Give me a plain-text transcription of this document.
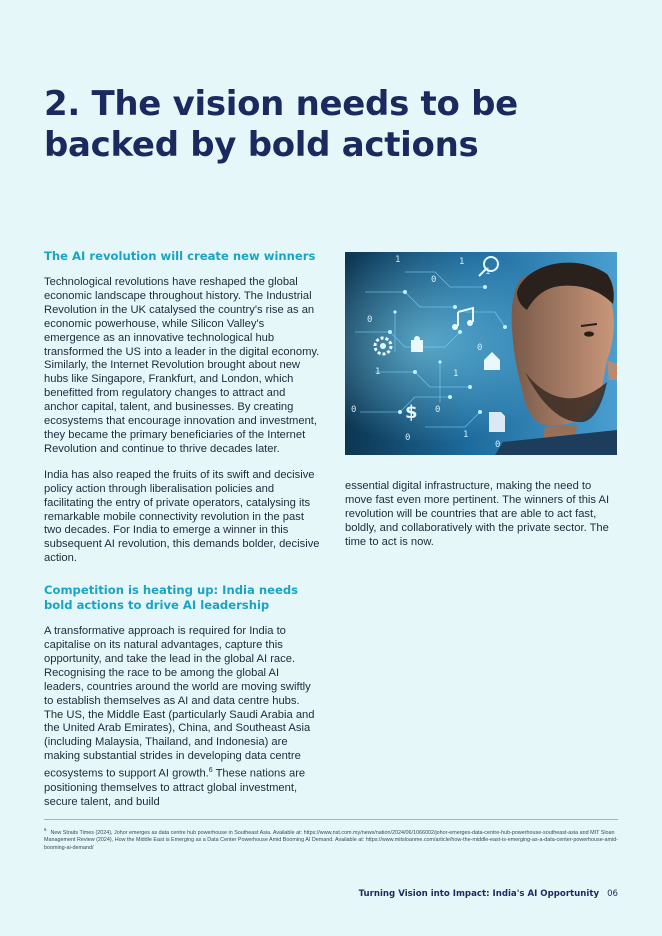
2. The vision needs to be backed by bold actions
The AI revolution will create new winners

Technological revolutions have reshaped the global economic landscape throughout history. The Industrial Revolution in the UK catalysed the country's rise as an economic powerhouse, while Silicon Valley's emergence as an innovative technological hub transformed the US into a leader in the digital economy. Similarly, the Internet Revolution brought about new hubs like Singapore, Frankfurt, and London, which benefitted from regulatory changes to attract and anchor capital, talent, and businesses. By creating ecosystems that encourage innovation and investment, they became the primary beneficiaries of the Internet Revolution and continue to thrive decades later.

India has also reaped the fruits of its swift and decisive policy action through liberalisation policies and facilitating the entry of private operators, catalysing its remarkable mobile connectivity revolution in the past two decades. For India to emerge a winner in this subsequent AI revolution, this demands bolder, decisive action.

Competition is heating up: India needs bold actions to drive AI leadership

A transformative approach is required for India to capitalise on its natural advantages, capture this opportunity, and take the lead in the global AI race. Recognising the race to be among the global AI leaders, countries around the world are moving swiftly to establish themselves as AI and data centre hubs. The US, the Middle East (particularly Saudi Arabia and the United Arab Emirates), China, and Southeast Asia (including Malaysia, Thailand, and Indonesia) are making substantial strides in developing data centre ecosystems to support AI growth.$^6$ These nations are positioning themselves to attract global investment, secure talent, and build

1
0
1
0
1
0
1
0
0	1
0
1
0
$

essential digital infrastructure, making the need to move fast even more pertinent. The winners of this AI revolution will be countries that are able to act fast, boldly, and collaboratively with the private sector. The time to act is now.

$^6$New Straits Times (2024), Johor emerges as data centre hub powerhouse in Southeast Asia. Available at: https://www.nst.com.my/news/nation/2024/06/1066002/johor-emerges-data-centre-hub-powerhouse-southeast-asia and MIT Sloan Management Review (2024), How the Middle East is Emerging as a Data Center Powerhouse Amid Booming AI Demand. Available at: https://www.mitsloanme.com/article/how-the-middle-east-is-emerging-as-a-data-center-powerhouse-amid-booming-ai-demand/
Turning Vision into Impact: India's AI Opportunity 06
